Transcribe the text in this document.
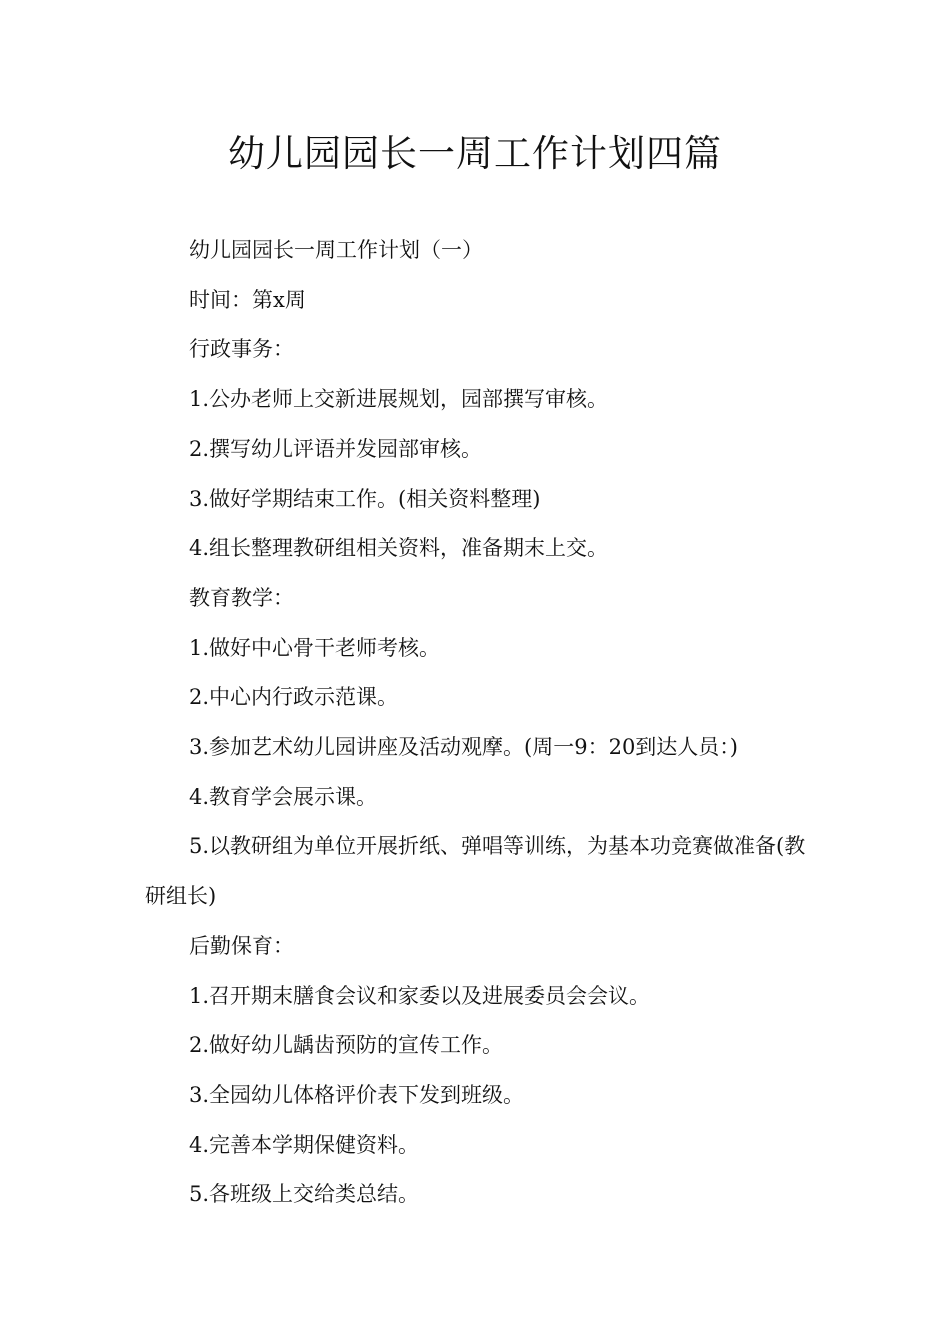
幼儿园园长一周工作计划四篇

幼儿园园长一周工作计划（一）

时间：第x周

行政事务：

1.公办老师上交新进展规划，园部撰写审核。

2.撰写幼儿评语并发园部审核。

3.做好学期结束工作。(相关资料整理)

4.组长整理教研组相关资料，准备期末上交。

教育教学：

1.做好中心骨干老师考核。

2.中心内行政示范课。

3.参加艺术幼儿园讲座及活动观摩。(周一9：20到达人员：)

4.教育学会展示课。

5.以教研组为单位开展折纸、弹唱等训练，为基本功竞赛做准备(教研组长)

后勤保育：

1.召开期末膳食会议和家委以及进展委员会会议。

2.做好幼儿龋齿预防的宣传工作。

3.全园幼儿体格评价表下发到班级。

4.完善本学期保健资料。

5.各班级上交给类总结。
